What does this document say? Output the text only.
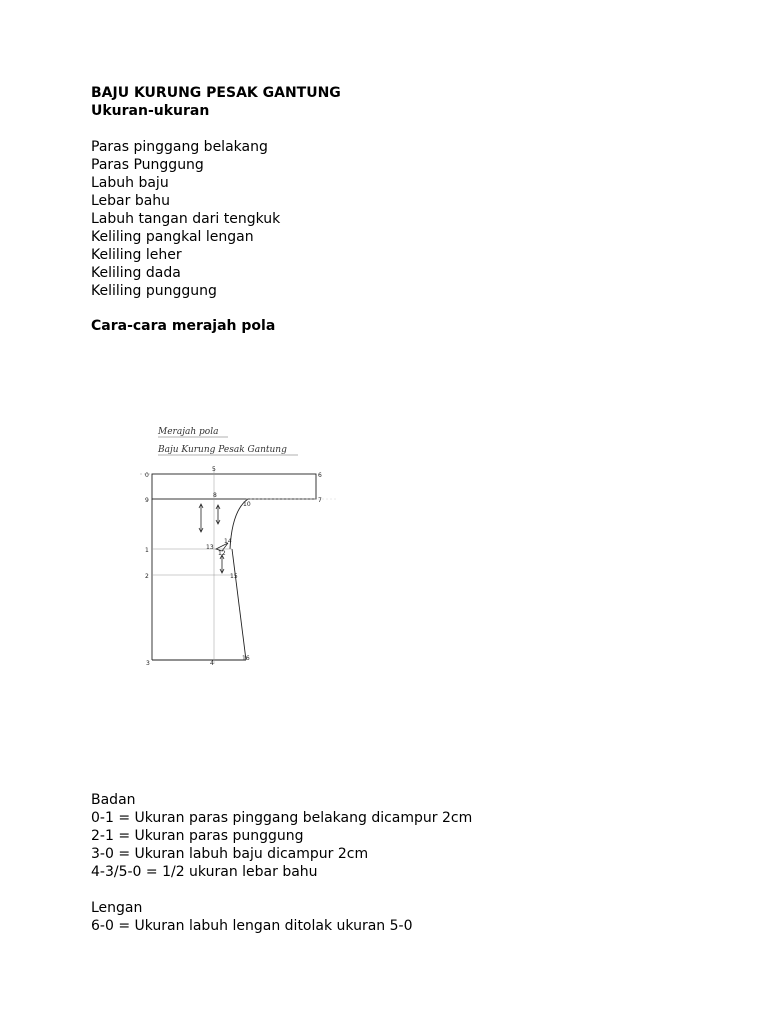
BAJU KURUNG PESAK GANTUNG
Ukuran-ukuran
Paras pinggang belakang
Paras Punggung
Labuh baju
Lebar bahu
Labuh tangan dari tengkuk
Keliling pangkal lengan
Keliling leher
Keliling dada
Keliling punggung
Cara-cara merajah pola
Merajah pola
Baju Kurung Pesak Gantung
0
5
6
9
8
10
7
1	13
14
12
2	15
3	4
16
Badan
0-1 = Ukuran paras pinggang belakang dicampur 2cm
2-1 = Ukuran paras punggung
3-0 = Ukuran labuh baju dicampur 2cm
4-3/5-0 = 1/2 ukuran lebar bahu
Lengan
6-0 = Ukuran labuh lengan ditolak ukuran 5-0
